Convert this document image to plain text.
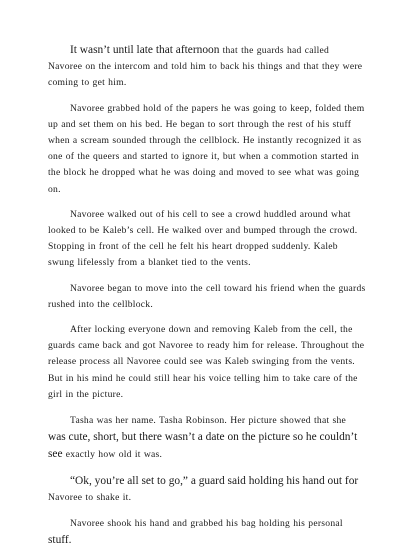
It wasn’t until late that afternoon that the guards had called Navoree on the intercom and told him to back his things and that they were coming to get him.

Navoree grabbed hold of the papers he was going to keep, folded them up and set them on his bed. He began to sort through the rest of his stuff when a scream sounded through the cellblock. He instantly recognized it as one of the queers and started to ignore it, but when a commotion started in the block he dropped what he was doing and moved to see what was going on.

Navoree walked out of his cell to see a crowd huddled around what looked to be Kaleb’s cell. He walked over and bumped through the crowd. Stopping in front of the cell he felt his heart dropped suddenly. Kaleb swung lifelessly from a blanket tied to the vents.

Navoree began to move into the cell toward his friend when the guards rushed into the cellblock.

After locking everyone down and removing Kaleb from the cell, the guards came back and got Navoree to ready him for release. Throughout the release process all Navoree could see was Kaleb swinging from the vents. But in his mind he could still hear his voice telling him to take care of the girl in the picture.

Tasha was her name. Tasha Robinson. Her picture showed that she was cute, short, but there wasn’t a date on the picture so he couldn’t see exactly how old it was.

“Ok, you’re all set to go,” a guard said holding his hand out for Navoree to shake it.

Navoree shook his hand and grabbed his bag holding his personal stuff.
